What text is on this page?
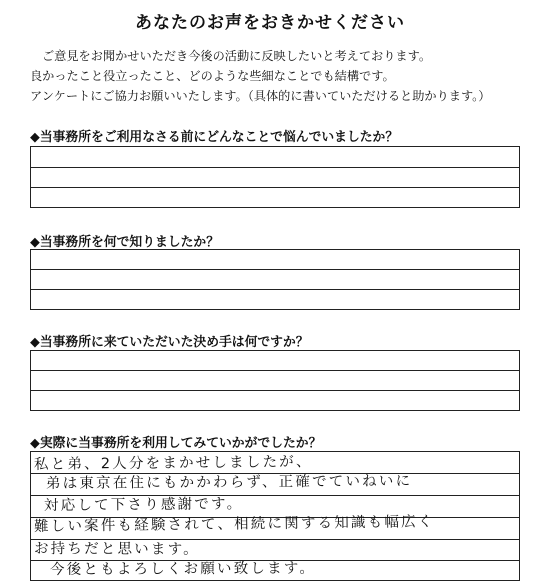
あなたのお声をおきかせください
ご意見をお聞かせいただき今後の活動に反映したいと考えております。
良かったこと役立ったこと、どのような些細なことでも結構です。
アンケートにご協力お願いいたします。（具体的に書いていただけると助かります。）
◆当事務所をご利用なさる前にどんなことで悩んでいましたか？
◆当事務所を何で知りましたか？
◆当事務所に来ていただいた決め手は何ですか？
◆実際に当事務所を利用してみていかがでしたか？
私と弟、2人分をまかせしましたが、
弟は東京在住にもかかわらず、正確でていねいに
対応して下さり感謝です。
難しい案件も経験されて、相続に関する知識も幅広く
お持ちだと思います。
今後ともよろしくお願い致します。
